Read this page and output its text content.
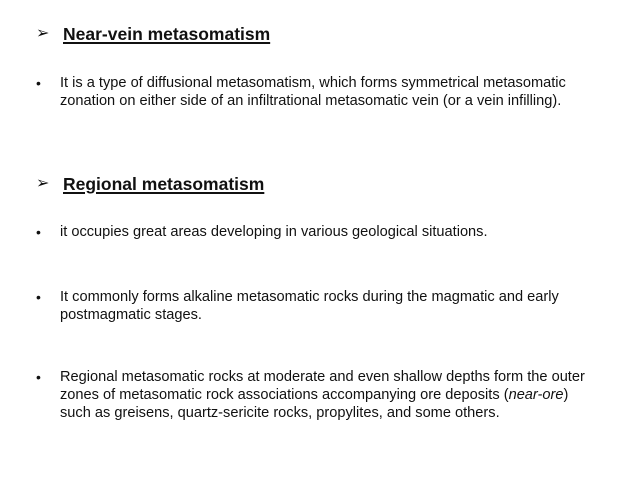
➢ Near-vein metasomatism
•	It is a type of diffusional metasomatism, which forms symmetrical metasomatic zonation on either side of an infiltrational metasomatic vein (or a vein infilling).
➢ Regional metasomatism
•	it occupies great areas developing in various geological situations.
•	It commonly forms alkaline metasomatic rocks during the magmatic and early postmagmatic stages.
•	Regional metasomatic rocks at moderate and even shallow depths form the outer zones of metasomatic rock associations accompanying ore deposits (near-ore) such as greisens, quartz-sericite rocks, propylites, and some others.
